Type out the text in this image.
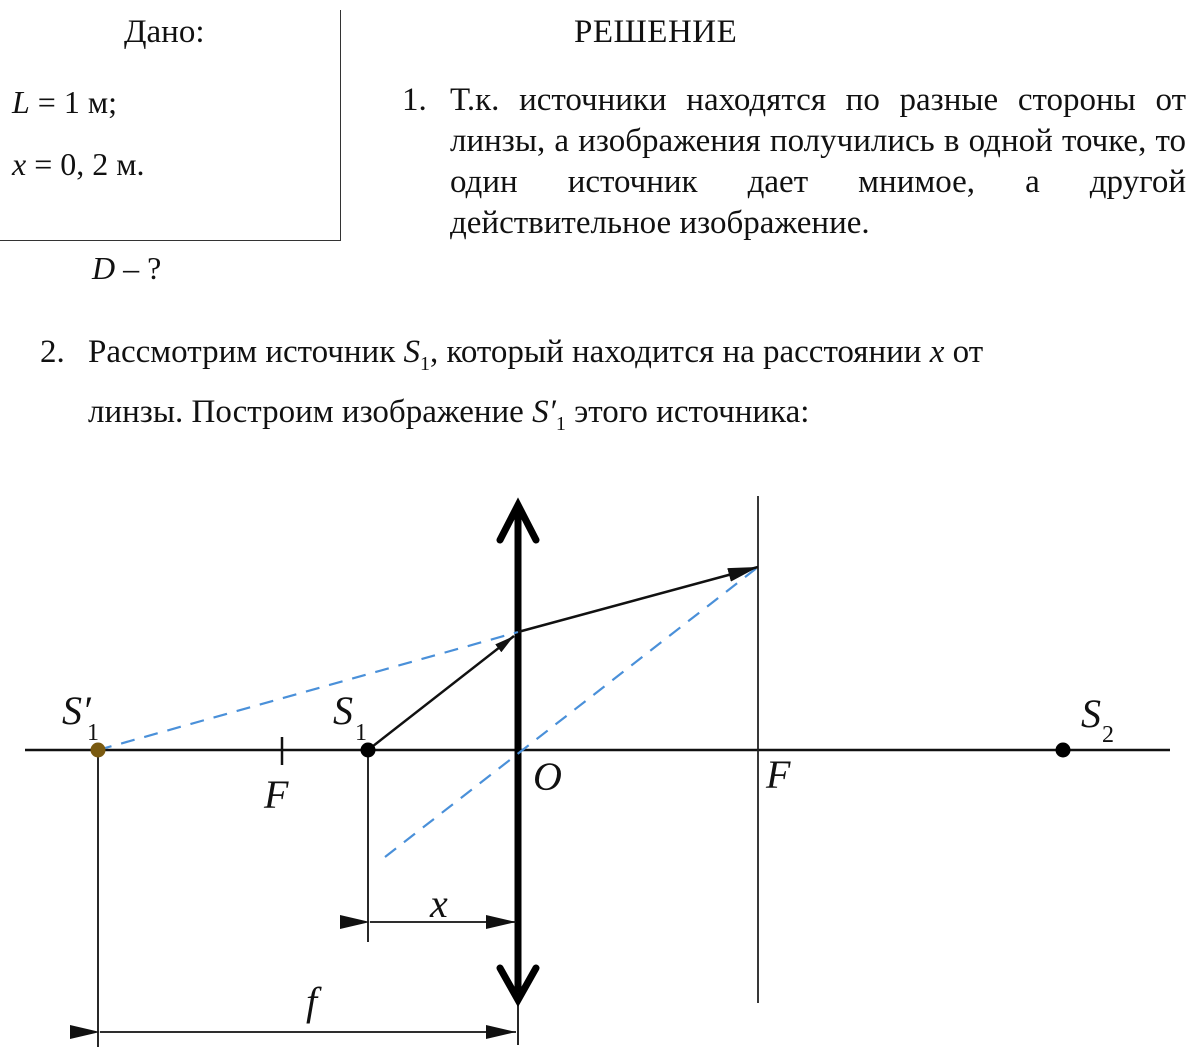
Дано:
L = 1 м;
x = 0, 2 м.
D – ?
РЕШЕНИЕ
1. Т.к. источники находятся по разные стороны от линзы, а изображения получились в одной точке, то один источник дает мнимое, а другой действительное изображение.
2. Рассмотрим источник $S_1$, который находится на расстоянии x от
линзы. Построим изображение $S'_1$ этого источника:
S′
1	S 1	S 2
F	F
O
x
f
